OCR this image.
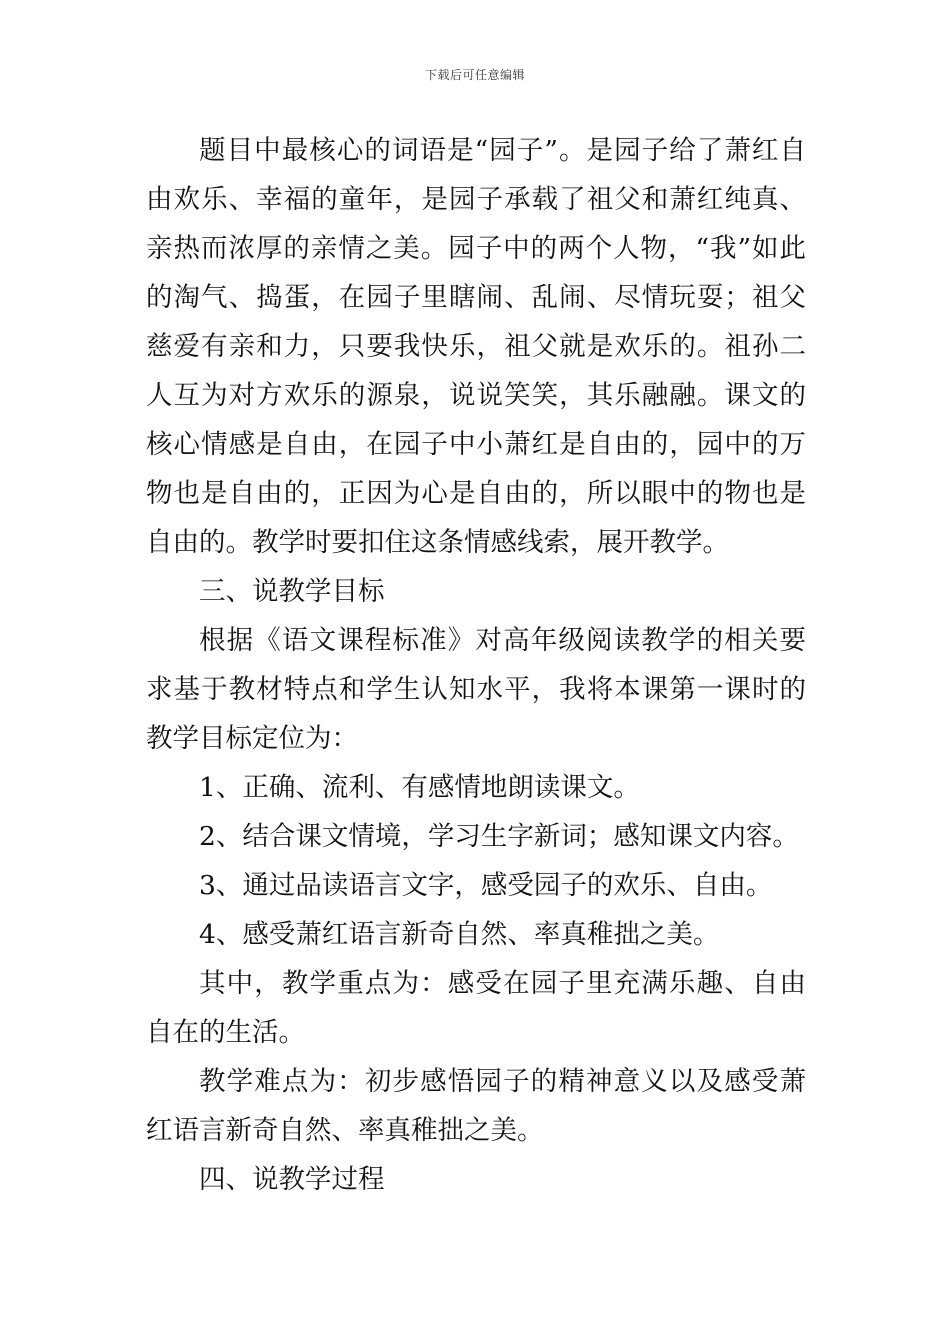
下载后可任意编辑

题目中最核心的词语是“园子”。是园子给了萧红自由欢乐、幸福的童年，是园子承载了祖父和萧红纯真、亲热而浓厚的亲情之美。园子中的两个人物，“我”如此的淘气、捣蛋，在园子里瞎闹、乱闹、尽情玩耍；祖父慈爱有亲和力，只要我快乐，祖父就是欢乐的。祖孙二人互为对方欢乐的源泉，说说笑笑，其乐融融。课文的核心情感是自由，在园子中小萧红是自由的，园中的万物也是自由的，正因为心是自由的，所以眼中的物也是自由的。教学时要扣住这条情感线索，展开教学。

三、说教学目标

根据《语文课程标准》对高年级阅读教学的相关要求基于教材特点和学生认知水平，我将本课第一课时的教学目标定位为：

1、正确、流利、有感情地朗读课文。

2、结合课文情境，学习生字新词；感知课文内容。

3、通过品读语言文字，感受园子的欢乐、自由。

4、感受萧红语言新奇自然、率真稚拙之美。

其中，教学重点为：感受在园子里充满乐趣、自由自在的生活。

教学难点为：初步感悟园子的精神意义以及感受萧红语言新奇自然、率真稚拙之美。

四、说教学过程
